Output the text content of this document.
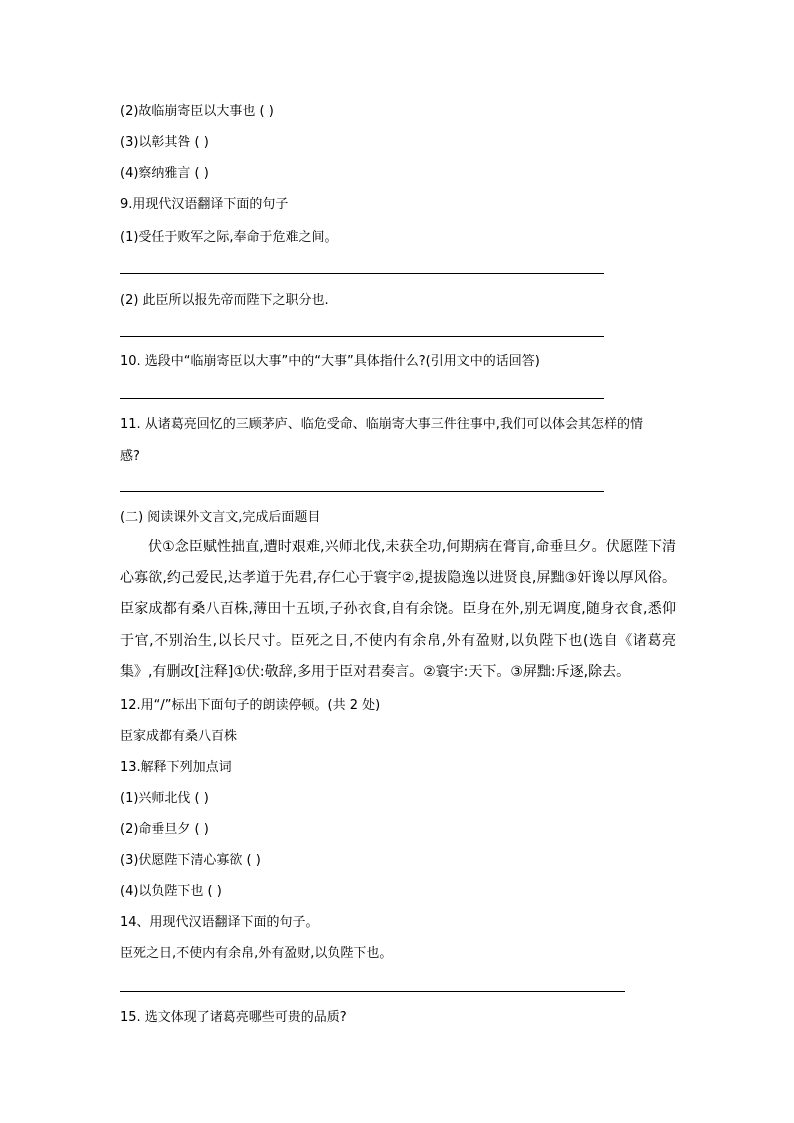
(2)故临崩寄臣以大事也 ( )
(3)以彰其咎 ( )
(4)察纳雅言 ( )
9.用现代汉语翻译下面的句子
(1)受任于败军之际,奉命于危难之间。
(2) 此臣所以报先帝而陛下之职分也.
10. 选段中“临崩寄臣以大事”中的“大事”具体指什么?(引用文中的话回答)
11. 从诸葛亮回忆的三顾茅庐、临危受命、临崩寄大事三件往事中,我们可以体会其怎样的情
感?
(二) 阅读课外文言文,完成后面题目
伏①念臣赋性拙直,遭时艰难,兴师北伐,未获全功,何期病在膏肓,命垂旦夕。伏愿陛下清心寡欲,约己爱民,达孝道于先君,存仁心于寰宇②,提拔隐逸以进贤良,屏黜③奸谗以厚风俗。臣家成都有桑八百株,薄田十五顷,子孙衣食,自有余饶。臣身在外,别无调度,随身衣食,悉仰于官,不别治生,以长尺寸。臣死之日,不使内有余帛,外有盈财,以负陛下也(选自《诸葛亮集》,有删改[注释]①伏:敬辞,多用于臣对君奏言。②寰宇:天下。③屏黜:斥逐,除去。
12.用“/”标出下面句子的朗读停顿。(共 2 处)
臣家成都有桑八百株
13.解释下列加点词
(1)兴师北伐 ( )
(2)命垂旦夕 ( )
(3)伏愿陛下清心寡欲 ( )
(4)以负陛下也 ( )
14、用现代汉语翻译下面的句子。
臣死之日,不使内有余帛,外有盈财,以负陛下也。
15. 选文体现了诸葛亮哪些可贵的品质?
